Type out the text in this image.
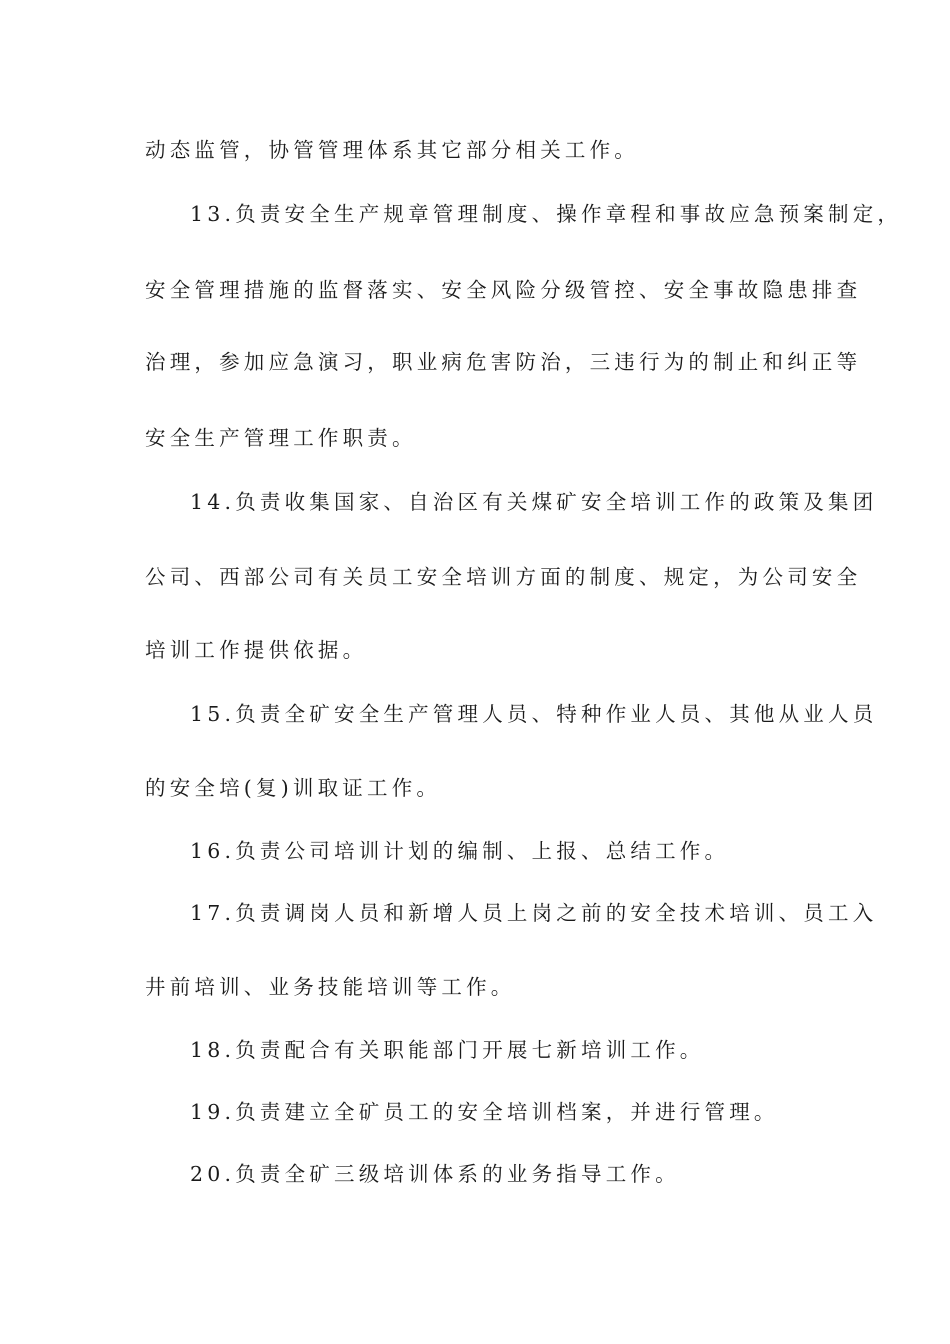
动态监管，协管管理体系其它部分相关工作。
13.负责安全生产规章管理制度、操作章程和事故应急预案制定，
安全管理措施的监督落实、安全风险分级管控、安全事故隐患排查
治理，参加应急演习，职业病危害防治，三违行为的制止和纠正等
安全生产管理工作职责。
14.负责收集国家、自治区有关煤矿安全培训工作的政策及集团
公司、西部公司有关员工安全培训方面的制度、规定，为公司安全
培训工作提供依据。
15.负责全矿安全生产管理人员、特种作业人员、其他从业人员
的安全培(复)训取证工作。
16.负责公司培训计划的编制、上报、总结工作。
17.负责调岗人员和新增人员上岗之前的安全技术培训、员工入
井前培训、业务技能培训等工作。
18.负责配合有关职能部门开展七新培训工作。
19.负责建立全矿员工的安全培训档案，并进行管理。
20.负责全矿三级培训体系的业务指导工作。
